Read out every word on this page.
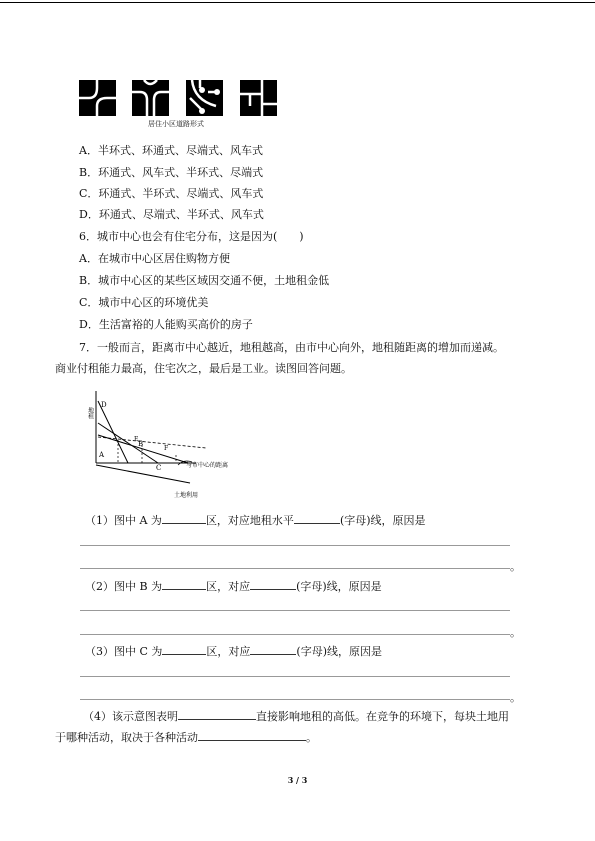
居住小区道路形式
A．半环式、环通式、尽端式、风车式
B．环通式、风车式、半环式、尽端式
C．环通式、半环式、尽端式、风车式
D．环通式、尽端式、半环式、风车式
6．城市中心也会有住宅分布，这是因为(　　)
A．在城市中心区居住购物方便
B．城市中心区的某些区域因交通不便，土地租金低
C．城市中心区的环境优美
D．生活富裕的人能购买高价的房子
7．一般而言，距离市中心越近，地租越高，由市中心向外，地租随距离的增加而递减。
商业付租能力最高，住宅次之，最后是工业。读图回答问题。
地租
D
E
B
F
A
C	与市中心的距离
土地利用
（1）图中 A 为	区，对应地租水平	(字母)线，原因是
。
（2）图中 B 为	区，对应	(字母)线，原因是
。
（3）图中 C 为	区，对应	(字母)线，原因是
。
（4）该示意图表明	直接影响地租的高低。在竞争的环境下，每块土地用
于哪种活动，取决于各种活动	。
3 / 3
